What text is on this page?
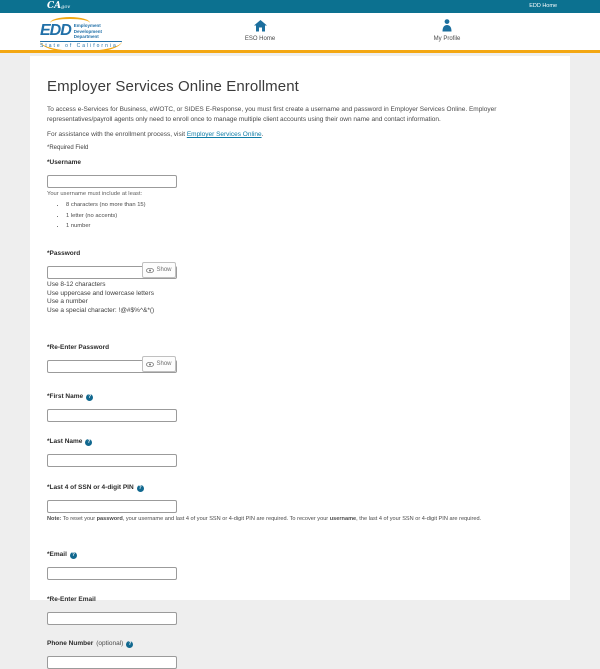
CAgov	EDD Home
EDD Employment
Development
Department
State of California
ESO Home	My Profile
Employer Services Online Enrollment

To access e-Services for Business, eWOTC, or SIDES E-Response, you must first create a username and password in Employer Services Online. Employer representatives/payroll agents only need to enroll once to manage multiple client accounts using their own name and contact information.

For assistance with the enrollment process, visit Employer Services Online.

*Required Field

*Username
Your username must include at least:
• 8 characters (no more than 15)
• 1 letter (no accents)
• 1 number
*Password
Show
Use 8-12 characters
Use uppercase and lowercase letters
Use a number
Use a special character: !@#$%^&*()
*Re-Enter Password
Show
*First Name ?
*Last Name ?
*Last 4 of SSN or 4-digit PIN ?

Note: To reset your password, your username and last 4 of your SSN or 4-digit PIN are required. To recover your username, the last 4 of your SSN or 4-digit PIN are required.

*Email ?
*Re-Enter Email
Phone Number (optional) ?
